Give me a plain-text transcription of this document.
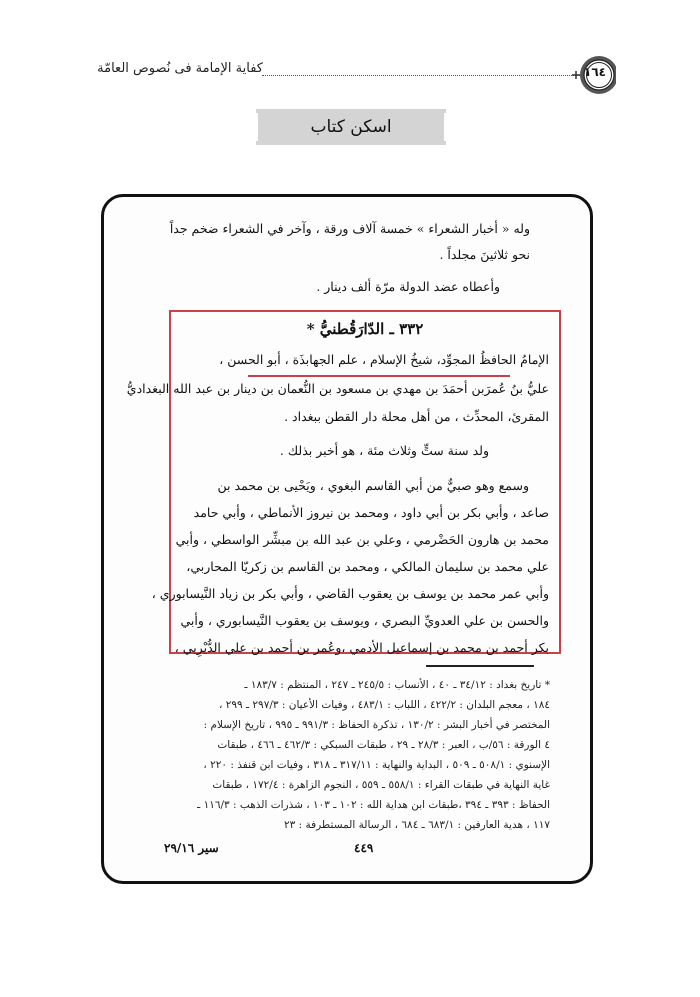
كفاية الإمامة فى نُصوص العامّة	١٦٤
اسكن كتاب
وله « أخبار الشعراء » خمسة آلاف ورقة ، وآخر في الشعراء ضخم جداً
نحو ثلاثينَ مجلداً .
وأعطاه عضد الدولة مرّة ألف دينار .
٣٣٢ ـ الدّارَقُطنيُّ *
الإمامُ الحافظُ المجوِّد، شيخُ الإسلام ، علم الجهابذَة ، أبو الحسن ،
عليُّ بنُ عُمرَبن أحمَدَ بن مهدي بن مسعود بن النُّعمان بن دينار بن عبد الله البغداديُّ
المقرئ، المحدِّث ، من أهل محلة دار القطن ببغداد .
ولد سنة ستٍّ وثلاث مئة ، هو أخبر بذلك .
وسمع وهو صبيٌّ من أبي القاسم البغوي ، ويَحْيى بن محمد بن
صاعد ، وأبي بكر بن أبي داود ، ومحمد بن نيروز الأنماطي ، وأبي حامد
محمد بن هارون الحَضْرمي ، وعلي بن عبد الله بن مبشِّر الواسطي ، وأبي
علي محمد بن سليمان المالكي ، ومحمد بن القاسم بن زكريّا المحاربي،
وأبي عمر محمد بن يوسف بن يعقوب القاضي ، وأبي بكر بن زياد النَّيسابوري ،
والحسن بن علي العدويِّ البصري ، ويوسف بن يعقوب النَّيسابوري ، وأبي
بكر أحمد بن محمد بن إسماعيل الأدمي ،وعُمر بن أحمد بن علي الدُّيْرِيي ،
* تاريخ بغداد : ٣٤/١٢ ـ ٤٠ ، الأنساب : ٢٤٥/٥ ـ ٢٤٧ ، المنتظم : ١٨٣/٧ ـ
١٨٤ ، معجم البلدان : ٤٢٢/٢ ، اللباب : ٤٨٣/١ ، وفيات الأعيان : ٢٩٧/٣ ـ ٢٩٩ ،
المختصر في أخبار البشر : ١٣٠/٢ ، تذكرة الحفاظ : ٩٩١/٣ ـ ٩٩٥ ، تاريخ الإسلام :
٤ الورقة : ٥٦/ب ، العبر : ٢٨/٣ ـ ٢٩ ، طبقات السبكي : ٤٦٢/٣ ـ ٤٦٦ ، طبقات
الإسنوي : ٥٠٨/١ ـ ٥٠٩ ، البداية والنهاية : ٣١٧/١١ ـ ٣١٨ ، وفيات ابن قنفذ : ٢٢٠ ،
غاية النهاية في طبقات القراء : ٥٥٨/١ ـ ٥٥٩ ، النجوم الزاهرة : ١٧٢/٤ ، طبقات
الحفاظ : ٣٩٣ ـ ٣٩٤ ،طبقات ابن هداية الله : ١٠٢ ـ ١٠٣ ، شذرات الذهب : ١١٦/٣ ـ
١١٧ ، هدية العارفين : ٦٨٣/١ ـ ٦٨٤ ، الرسالة المستطرفة : ٢٣
سير ٢٩/١٦	٤٤٩
